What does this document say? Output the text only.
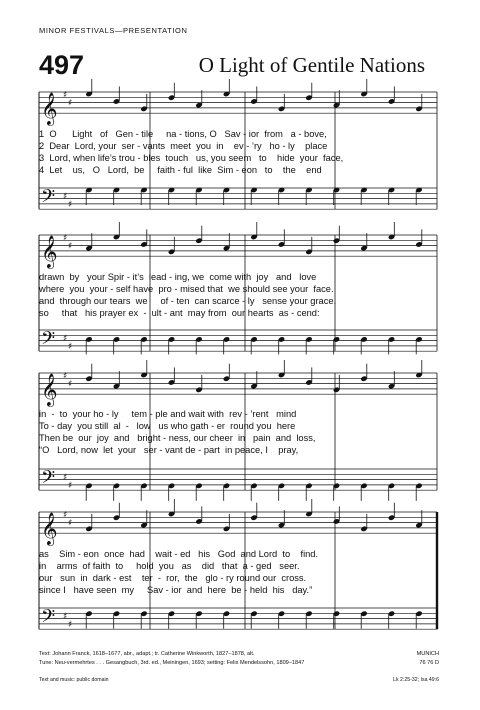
MINOR FESTIVALS—PRESENTATION
497	O Light of Gentile Nations
𝄞
𝄢
♯
♯
♯
♯
𝄞
𝄢
♯
♯
♯
♯
𝄞
𝄢
♯
♯
♯
♯
𝄞
𝄢
♯
♯
♯
♯
1  O      Light   of   Gen - tile     na - tions, O   Sav - ior  from   a - bove,
2  Dear  Lord, your  ser - vants  meet  you  in    ev - ’ry   ho - ly    place
3  Lord, when life’s trou - bles  touch   us, you seem   to    hide  your  face,
4  Let    us,   O   Lord,  be     faith - ful  like  Sim - eon   to    the    end
drawn  by   your Spir - it’s  lead - ing, we  come with  joy   and   love
where  you  your - self have  pro - mised that  we should see your  face.
and  through our tears  we     of - ten  can scarce - ly   sense your grace.
so     that   his prayer ex  -  ult - ant  may from  our hearts  as - cend:
in  -  to  your ho - ly     tem - ple and wait with  rev - ’rent   mind
To - day  you still  al  -   low   us who gath - er  round you  here
Then be  our  joy  and   bright - ness, our cheer  in   pain  and  loss,
“O   Lord, now  let  your   ser - vant de - part  in peace, I    pray,
as    Sim - eon  once  had    wait - ed   his   God  and Lord  to    find.
in    arms  of faith  to     hold  you   as    did   that  a - ged   seer.
our   sun  in  dark - est    ter  -  ror,  the   glo - ry round our  cross.
since I   have seen  my     Sav - ior  and  here  be - held  his   day.”
Text: Johann Franck, 1618–1677, abr., adapt.; tr. Catherine Winkworth, 1827–1878, alt.
Tune: Neu-vermehrtes . . . Gesangbuch, 3rd. ed., Meiningen, 1693; setting: Felix Mendelssohn, 1809–1847
MUNICH
76 76 D
Text and music: public domain	Lk 2:25-32; Isa 49:6
